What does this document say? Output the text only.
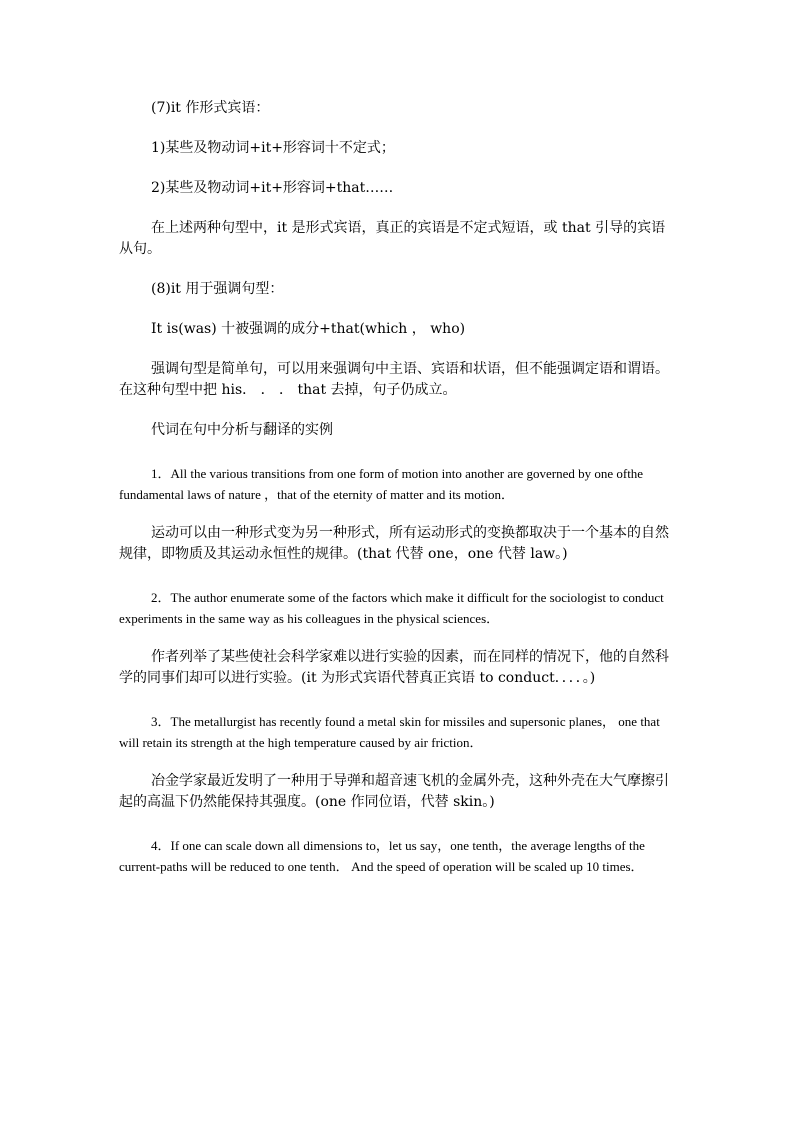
(7)it 作形式宾语：

1)某些及物动词+it+形容词十不定式；

2)某些及物动词+it+形容词+that……

在上述两种句型中，it 是形式宾语，真正的宾语是不定式短语，或 that 引导的宾语从句。

(8)it 用于强调句型：

It is(was) 十被强调的成分+that(which ， who)

强调句型是简单句，可以用来强调句中主语、宾语和状语，但不能强调定语和谓语。在这种句型中把 his． ． ． that 去掉，句子仍成立。

代词在句中分析与翻译的实例

1．All the various transitions from one form of motion into another are governed by one ofthe fundamental laws of nature ，that of the eternity of matter and its motion．

运动可以由一种形式变为另一种形式，所有运动形式的变换都取决于一个基本的自然规律，即物质及其运动永恒性的规律。(that 代替 one，one 代替 law。)

2．The author enumerate some of the factors which make it difficult for the sociologist to conduct experiments in the same way as his colleagues in the physical sciences．

作者列举了某些使社会科学家难以进行实验的因素，而在同样的情况下，他的自然科学的同事们却可以进行实验。(it 为形式宾语代替真正宾语 to conduct．．．．。)

3．The metallurgist has recently found a metal skin for missiles and supersonic planes， one that will retain its strength at the high temperature caused by air friction．

冶金学家最近发明了一种用于导弹和超音速飞机的金属外壳，这种外壳在大气摩擦引起的高温下仍然能保持其强度。(one 作同位语，代替 skin。)

4．If one can scale down all dimensions to，let us say，one tenth，the average lengths of the current-paths will be reduced to one tenth． And the speed of operation will be scaled up 10 times．
